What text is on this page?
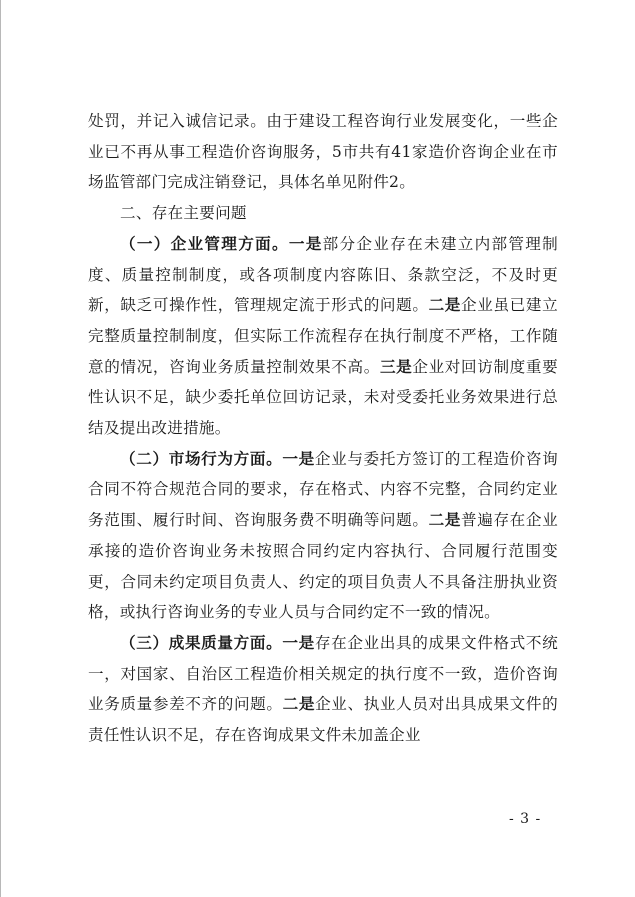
处罚，并记入诚信记录。由于建设工程咨询行业发展变化，一些企业已不再从事工程造价咨询服务，5市共有41家造价咨询企业在市场监管部门完成注销登记，具体名单见附件2。

二、存在主要问题

（一）企业管理方面。一是部分企业存在未建立内部管理制度、质量控制制度，或各项制度内容陈旧、条款空泛，不及时更新，缺乏可操作性，管理规定流于形式的问题。二是企业虽已建立完整质量控制制度，但实际工作流程存在执行制度不严格，工作随意的情况，咨询业务质量控制效果不高。三是企业对回访制度重要性认识不足，缺少委托单位回访记录，未对受委托业务效果进行总结及提出改进措施。

（二）市场行为方面。一是企业与委托方签订的工程造价咨询合同不符合规范合同的要求，存在格式、内容不完整，合同约定业务范围、履行时间、咨询服务费不明确等问题。二是普遍存在企业承接的造价咨询业务未按照合同约定内容执行、合同履行范围变更，合同未约定项目负责人、约定的项目负责人不具备注册执业资格，或执行咨询业务的专业人员与合同约定不一致的情况。

（三）成果质量方面。一是存在企业出具的成果文件格式不统一，对国家、自治区工程造价相关规定的执行度不一致，造价咨询业务质量参差不齐的问题。二是企业、执业人员对出具成果文件的责任性认识不足，存在咨询成果文件未加盖企业

- 3 -
